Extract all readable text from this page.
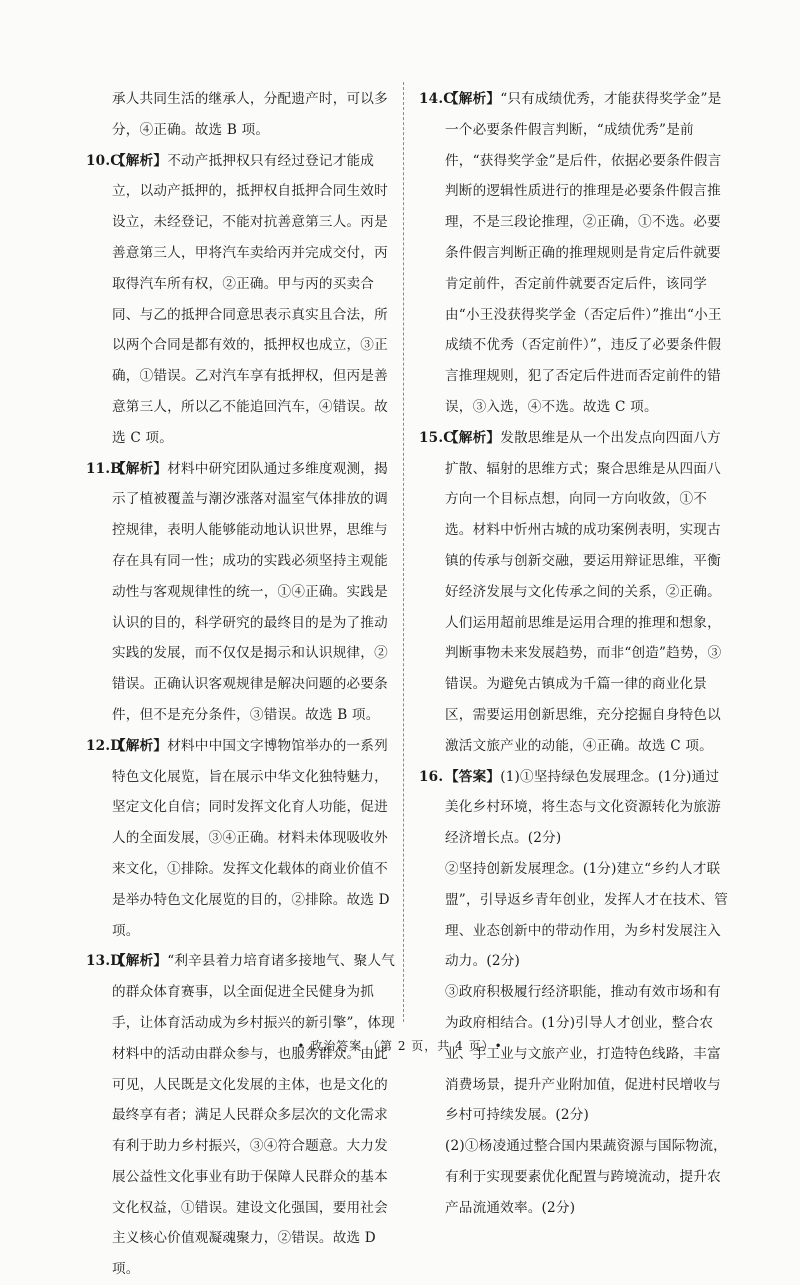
承人共同生活的继承人，分配遗产时，可以多分，④正确。故选 B 项。
10.C
【解析】不动产抵押权只有经过登记才能成立，以动产抵押的，抵押权自抵押合同生效时设立，未经登记，不能对抗善意第三人。丙是善意第三人，甲将汽车卖给丙并完成交付，丙取得汽车所有权，②正确。甲与丙的买卖合同、与乙的抵押合同意思表示真实且合法，所以两个合同是都有效的，抵押权也成立，③正确，①错误。乙对汽车享有抵押权，但丙是善意第三人，所以乙不能追回汽车，④错误。故选 C 项。
11.B
【解析】材料中研究团队通过多维度观测，揭示了植被覆盖与潮汐涨落对温室气体排放的调控规律，表明人能够能动地认识世界，思维与存在具有同一性；成功的实践必须坚持主观能动性与客观规律性的统一，①④正确。实践是认识的目的，科学研究的最终目的是为了推动实践的发展，而不仅仅是揭示和认识规律，②错误。正确认识客观规律是解决问题的必要条件，但不是充分条件，③错误。故选 B 项。
12.D
【解析】材料中中国文字博物馆举办的一系列特色文化展览，旨在展示中华文化独特魅力，坚定文化自信；同时发挥文化育人功能，促进人的全面发展，③④正确。材料未体现吸收外来文化，①排除。发挥文化载体的商业价值不是举办特色文化展览的目的，②排除。故选 D 项。
13.D
【解析】“利辛县着力培育诸多接地气、聚人气的群众体育赛事，以全面促进全民健身为抓手，让体育活动成为乡村振兴的新引擎”，体现材料中的活动由群众参与，也服务群众。由此可见，人民既是文化发展的主体，也是文化的最终享有者；满足人民群众多层次的文化需求有利于助力乡村振兴，③④符合题意。大力发展公益性文化事业有助于保障人民群众的基本文化权益，①错误。建设文化强国，要用社会主义核心价值观凝魂聚力，②错误。故选 D 项。
14.C
【解析】“只有成绩优秀，才能获得奖学金”是一个必要条件假言判断，“成绩优秀”是前件，“获得奖学金”是后件，依据必要条件假言判断的逻辑性质进行的推理是必要条件假言推理，不是三段论推理，②正确，①不选。必要条件假言判断正确的推理规则是肯定后件就要肯定前件，否定前件就要否定后件，该同学由“小王没获得奖学金（否定后件）”推出“小王成绩不优秀（否定前件）”，违反了必要条件假言推理规则，犯了否定后件进而否定前件的错误，③入选，④不选。故选 C 项。
15.C
【解析】发散思维是从一个出发点向四面八方扩散、辐射的思维方式；聚合思维是从四面八方向一个目标点想，向同一方向收敛，①不选。材料中忻州古城的成功案例表明，实现古镇的传承与创新交融，要运用辩证思维，平衡好经济发展与文化传承之间的关系，②正确。人们运用超前思维是运用合理的推理和想象，判断事物未来发展趋势，而非“创造”趋势，③错误。为避免古镇成为千篇一律的商业化景区，需要运用创新思维，充分挖掘自身特色以激活文旅产业的动能，④正确。故选 C 项。
16. 【答案】(1)①坚持绿色发展理念。(1分)通过美化乡村环境，将生态与文化资源转化为旅游经济增长点。(2分)
②坚持创新发展理念。(1分)建立“乡约人才联盟”，引导返乡青年创业，发挥人才在技术、管理、业态创新中的带动作用，为乡村发展注入动力。(2分)
③政府积极履行经济职能，推动有效市场和有为政府相结合。(1分)引导人才创业，整合农业、手工业与文旅产业，打造特色线路，丰富消费场景，提升产业附加值，促进村民增收与乡村可持续发展。(2分)
(2)①杨凌通过整合国内果蔬资源与国际物流，有利于实现要素优化配置与跨境流动，提升农产品流通效率。(2分)
• 政治答案 （第 2 页，共 4 页）•
